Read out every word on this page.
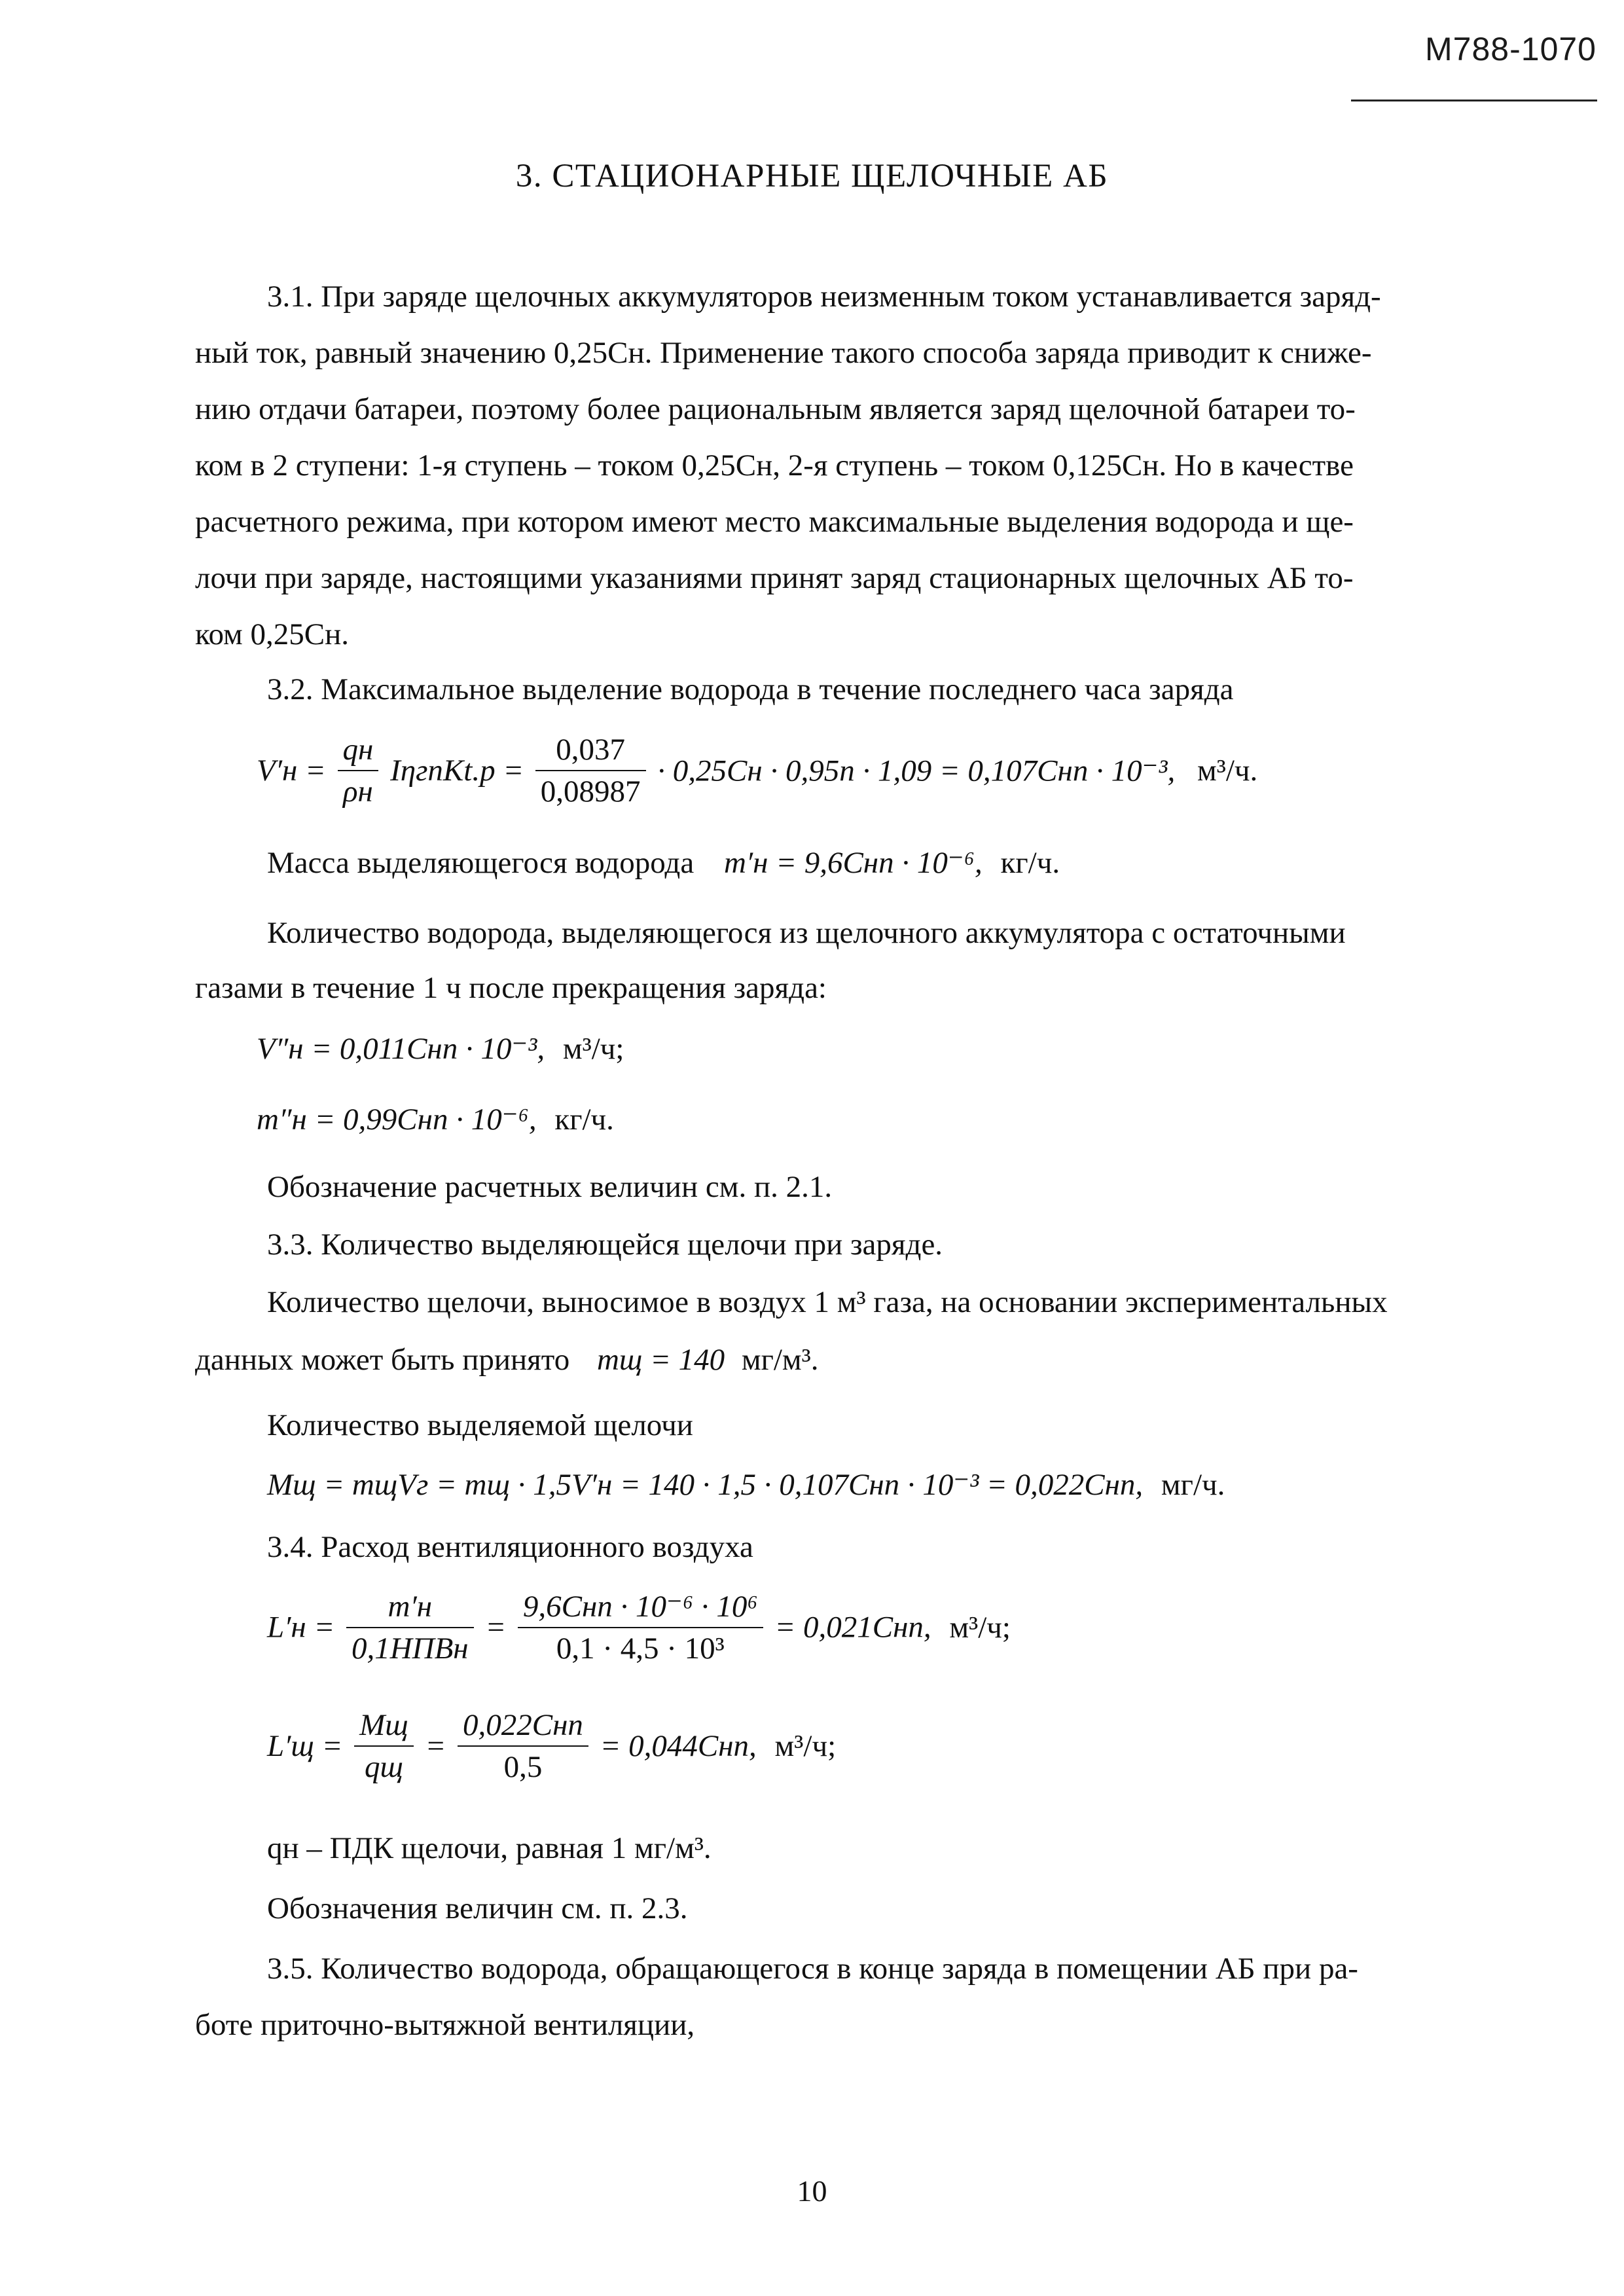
М788-1070
3. СТАЦИОНАРНЫЕ ЩЕЛОЧНЫЕ АБ
3.1. При заряде щелочных аккумуляторов неизменным током устанавливается заряд-
ный ток, равный значению 0,25Сн. Применение такого способа заряда приводит к сниже-
нию отдачи батареи, поэтому более рациональным является заряд щелочной батареи то-
ком в 2 ступени: 1-я ступень – током 0,25Сн, 2-я ступень – током 0,125Сн. Но в качестве
расчетного режима, при котором имеют место максимальные выделения водорода и ще-
лочи при заряде, настоящими указаниями принят заряд стационарных щелочных АБ то-
ком 0,25Сн.
3.2. Максимальное выделение водорода в течение последнего часа заряда
$V'н = \frac{qн}{\rho н}$ IηгnKt.p = $\frac{0,037}{0,08987} \cdot 0,25Cн \cdot 0,95n \cdot 1,09 = 0,107Cнn \cdot 10^{-3}$, м³/ч.
Масса выделяющегося водорода m′н = 9,6Cнn · 10⁻⁶, кг/ч.
Количество водорода, выделяющегося из щелочного аккумулятора с остаточными
газами в течение 1 ч после прекращения заряда:
V″н = 0,011Cнn · 10⁻³, м³/ч;
m″н = 0,99Cнn · 10⁻⁶, кг/ч.
Обозначение расчетных величин см. п. 2.1.
3.3. Количество выделяющейся щелочи при заряде.
Количество щелочи, выносимое в воздух 1 м³ газа, на основании экспериментальных
данных может быть принято mщ = 140 мг/м³.
Количество выделяемой щелочи
Mщ = mщVг = mщ · 1,5V′н = 140 · 1,5 · 0,107Cнn · 10⁻³ = 0,022Cнn, мг/ч.
3.4. Расход вентиляционного воздуха
$L'н = \frac{m'н}{\text{0,1НПВн}} = \frac{\text{9,6Cнn · 10⁻⁶ · 10⁶}}{\text{0,1 · 4,5 · 10³}} = 0,021Cнn$, м³/ч;
$L'щ = \frac{Mщ}{qщ} = \frac{\text{0,022Cнn}}{0,5} = 0,044Cнn$, м³/ч;
qн – ПДК щелочи, равная 1 мг/м³.
Обозначения величин см. п. 2.3.
3.5. Количество водорода, обращающегося в конце заряда в помещении АБ при ра-
боте приточно-вытяжной вентиляции,
10
